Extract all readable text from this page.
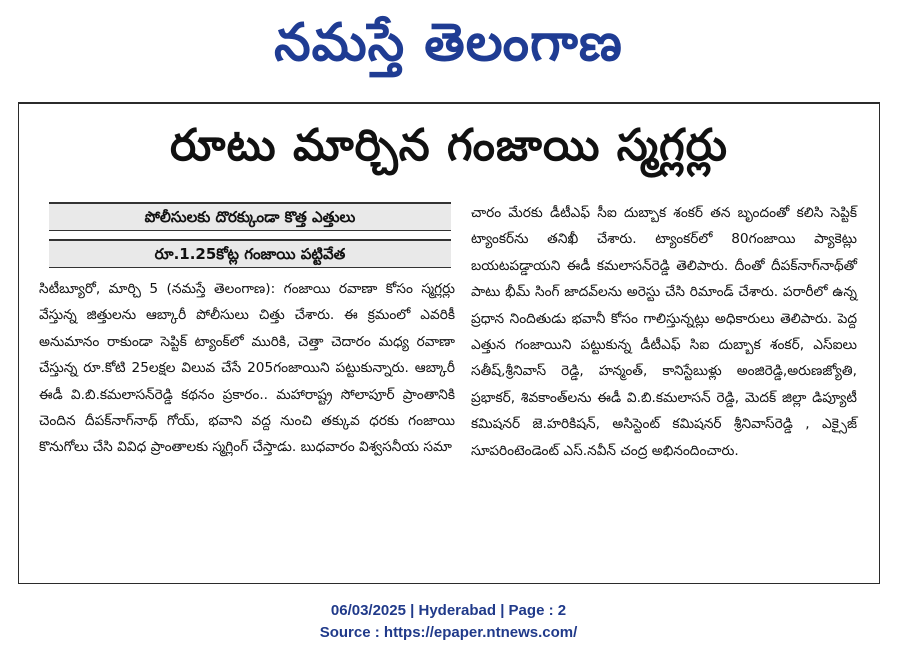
నమస్తే తెలంగాణ
రూటు మార్చిన గంజాయి స్మగ్లర్లు
పోలీసులకు దొరక్కుండా కొత్త ఎత్తులు
రూ.1.25కోట్ల గంజాయి పట్టివేత

సిటీబ్యూరో, మార్చి 5 (నమస్తే తెలంగాణ): గంజాయి రవాణా కోసం స్మగ్లర్లు వేస్తున్న జిత్తులను ఆబ్కారీ పోలీసులు చిత్తు చేశారు. ఈ క్రమంలో ఎవరికీ అనుమానం రాకుండా సెప్టిక్ ట్యాంక్‌లో మురికి, చెత్తా చెదారం మధ్య రవాణా చేస్తున్న రూ.కోటి 25లక్షల విలువ చేసే 205గంజాయిని పట్టుకున్నారు. ఆబ్కారీ ఈడీ వి.బి.కమలాసన్‌రెడ్డి కథనం ప్రకారం.. మహారాష్ట్ర సోలాపూర్ ప్రాంతానికి చెందిన దీపక్‌నాగ్‌నాథ్ గోయ్, భవాని వద్ద నుంచి తక్కువ ధరకు గంజాయి కొనుగోలు చేసి వివిధ ప్రాంతాలకు స్మగ్లింగ్ చేస్తాడు. బుధవారం విశ్వసనీయ సమా

చారం మేరకు డీటీఎఫ్ సీఐ దుబ్బాక శంకర్ తన బృందంతో కలిసి సెప్టిక్ ట్యాంకర్‌ను తనిఖీ చేశారు. ట్యాంకర్‌లో 80గంజాయి ప్యాకెట్లు బయటపడ్డాయని ఈడీ కమలాసన్‌రెడ్డి తెలిపారు. దీంతో దీపక్‌నాగ్‌నాథ్‌తో పాటు భీమ్ సింగ్ జాదవ్‌లను అరెస్టు చేసి రిమాండ్ చేశారు. పరారీలో ఉన్న ప్రధాన నిందితుడు భవానీ కోసం గాలిస్తున్నట్లు అధికారులు తెలిపారు. పెద్ద ఎత్తున గంజాయిని పట్టుకున్న డీటీఎఫ్ సిఐ దుబ్బాక శంకర్, ఎస్ఐలు సతీష్,శ్రీనివాస్ రెడ్డి, హన్మంత్, కానిస్టేబుళ్లు అంజిరెడ్డి,అరుణజ్యోతి, ప్రభాకర్, శివకాంత్‌లను ఈడీ వి.బి.కమలాసన్ రెడ్డి, మెదక్ జిల్లా డిప్యూటీ కమిషనర్ జె.హరికిషన్, అసిస్టెంట్ కమిషనర్ శ్రీనివాస్‌రెడ్డి , ఎక్సైజ్ సూపరింటెండెంట్ ఎస్.నవీన్ చంద్ర అభినందించారు.

06/03/2025 | Hyderabad | Page : 2
Source : https://epaper.ntnews.com/
